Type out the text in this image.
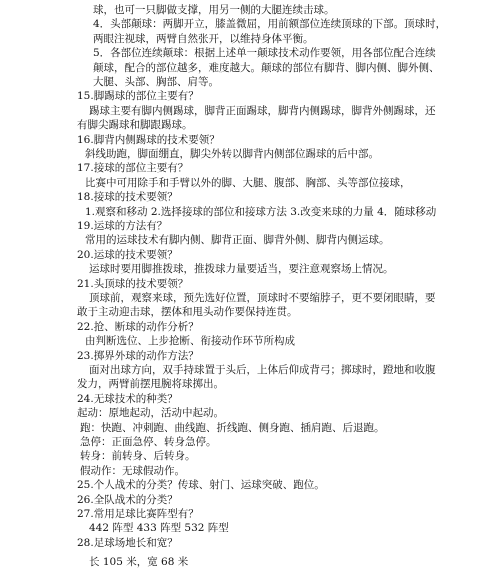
球，也可一只脚做支撑，用另一侧的大腿连续击球。
4．头部颠球：两脚开立，膝盖微屈，用前额部位连续顶球的下部。顶球时，
两眼注视球，两臂自然张开，以维持身体平衡。
5．各部位连续颠球：根据上述单一颠球技术动作要领，用各部位配合连续
颠球，配合的部位越多，难度越大。颠球的部位有脚背、脚内侧、脚外侧、
大腿、头部、胸部、肩等。
15.脚踢球的部位主要有？
踢球主要有脚内侧踢球，脚背正面踢球，脚背内侧踢球，脚背外侧踢球，还
有脚尖踢球和脚跟踢球。
16.脚背内侧踢球的技术要领？
斜线助跑，脚面绷直，脚尖外转以脚背内侧部位踢球的后中部。
17.接球的部位主要有？
比赛中可用除手和手臂以外的脚、大腿、腹部、胸部、头等部位接球，
18.接球的技术要领？
1.观察和移动 2.选择接球的部位和接球方法 3.改变来球的力量 4．随球移动
19.运球的方法有？
常用的运球技术有脚内侧、脚背正面、脚背外侧、脚背内侧运球。
20.运球的技术要领？
运球时要用脚推拨球，推拨球力量要适当，要注意观察场上情况。
21.头顶球的技术要领？
顶球前，观察来球，预先选好位置，顶球时不要缩脖子，更不要闭眼睛，要
敢于主动迎击球，摆体和甩头动作要保持连贯。
22.抢、断球的动作分析？
由判断选位、上步抢断、衔接动作环节所构成
23.掷界外球的动作方法？
面对出球方向，双手持球置于头后，上体后仰成背弓；掷球时，蹬地和收腹
发力，两臂前摆甩腕将球掷出。
24.无球技术的种类？
起动：原地起动，活动中起动。
跑：快跑、冲刺跑、曲线跑、折线跑、侧身跑、插肩跑、后退跑。
急停：正面急停、转身急停。
转身：前转身、后转身。
假动作：无球假动作。
25.个人战术的分类？传球、射门、运球突破、跑位。
26.全队战术的分类？
27.常用足球比赛阵型有？
442 阵型 433 阵型 532 阵型
28.足球场地长和宽？
长 105 米，宽 68 米
